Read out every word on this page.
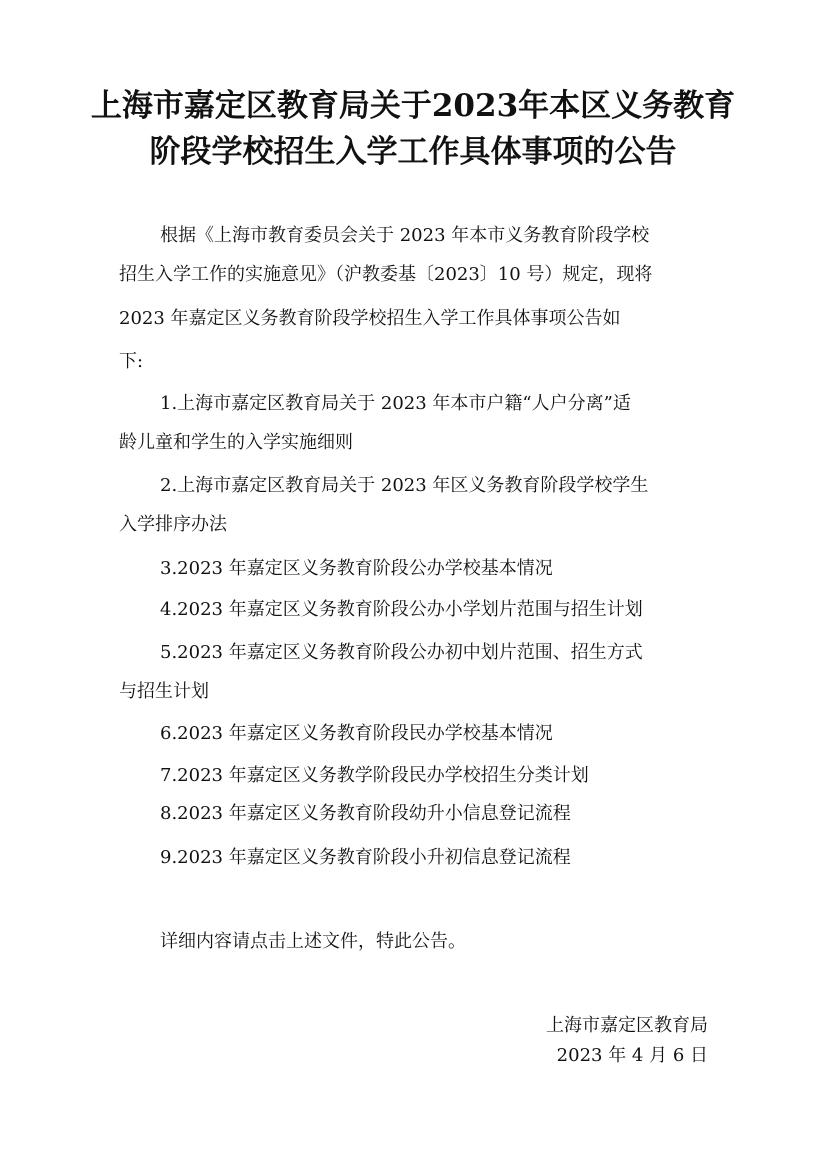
上海市嘉定区教育局关于2023年本区义务教育
阶段学校招生入学工作具体事项的公告
根据《上海市教育委员会关于 2023 年本市义务教育阶段学校
招生入学工作的实施意见》（沪教委基〔2023〕10 号）规定，现将
2023 年嘉定区义务教育阶段学校招生入学工作具体事项公告如
下:
1.上海市嘉定区教育局关于 2023 年本市户籍“人户分离”适
龄儿童和学生的入学实施细则
2.上海市嘉定区教育局关于 2023 年区义务教育阶段学校学生
入学排序办法
3.2023 年嘉定区义务教育阶段公办学校基本情况
4.2023 年嘉定区义务教育阶段公办小学划片范围与招生计划
5.2023 年嘉定区义务教育阶段公办初中划片范围、招生方式
与招生计划
6.2023 年嘉定区义务教育阶段民办学校基本情况
7.2023 年嘉定区义务教学阶段民办学校招生分类计划
8.2023 年嘉定区义务教育阶段幼升小信息登记流程
9.2023 年嘉定区义务教育阶段小升初信息登记流程
详细内容请点击上述文件，特此公告。
上海市嘉定区教育局
2023 年 4 月 6 日
